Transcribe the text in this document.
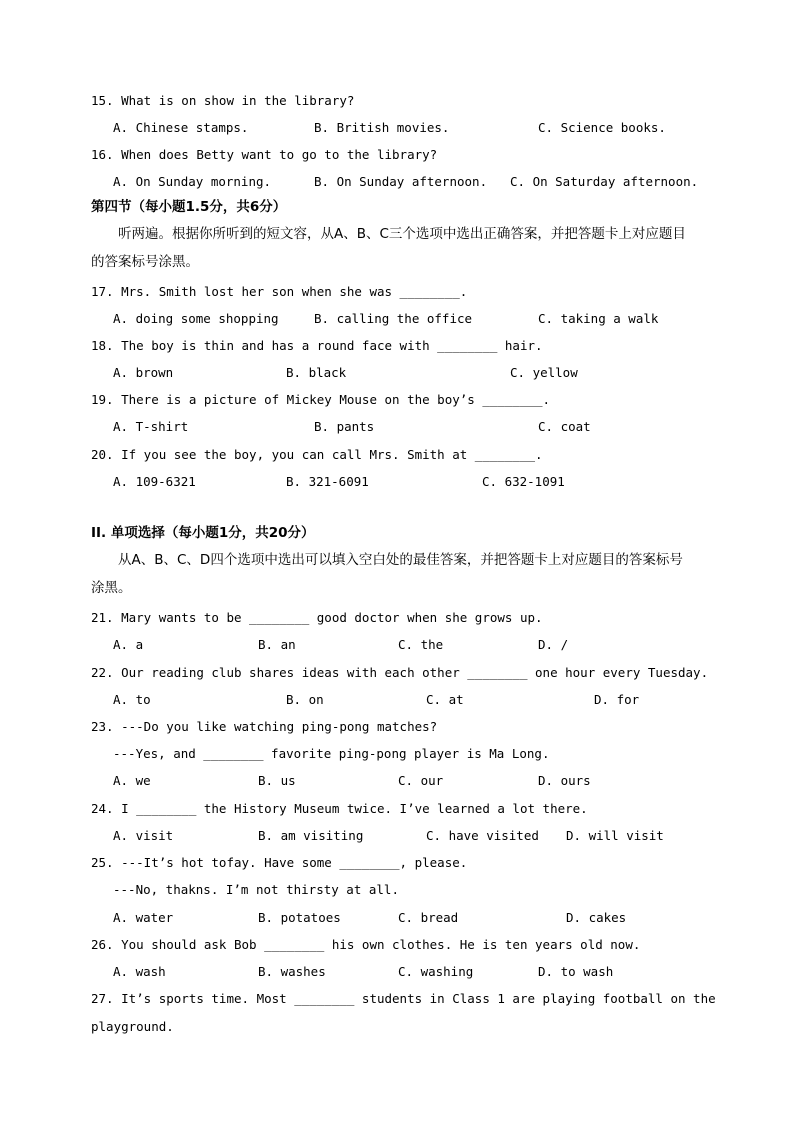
15. What is on show in the library?
A. Chinese stamps.	B. British movies.	C. Science books.
16. When does Betty want to go to the library?
A. On Sunday morning.	B. On Sunday afternoon. C. On Saturday afternoon.
第四节（每小题1.5分，共6分）
听两遍。根据你所听到的短文容，从A、B、C三个选项中选出正确答案，并把答题卡上对应题目
的答案标号涂黑。
17. Mrs. Smith lost her son when she was ________.
A. doing some shopping	B. calling the office	C. taking a walk
18. The boy is thin and has a round face with ________ hair.
A. brown	B. black	C. yellow
19. There is a picture of Mickey Mouse on the boy’s ________.
A. T-shirt	B. pants	C. coat
20. If you see the boy, you can call Mrs. Smith at ________.
A. 109-6321	B. 321-6091	C. 632-1091
II. 单项选择（每小题1分，共20分）
从A、B、C、D四个选项中选出可以填入空白处的最佳答案，并把答题卡上对应题目的答案标号
涂黑。
21. Mary wants to be ________ good doctor when she grows up.
A. a	B. an	C. the	D. /
22. Our reading club shares ideas with each other ________ one hour every Tuesday.
A. to	B. on	C. at	D. for
23. ---Do you like watching ping-pong matches?
---Yes, and ________ favorite ping-pong player is Ma Long.
A. we	B. us	C. our	D. ours
24. I ________ the History Museum twice. I’ve learned a lot there.
A. visit	B. am visiting	C. have visited D. will visit
25. ---It’s hot tofay. Have some ________, please.
---No, thakns. I’m not thirsty at all.
A. water	B. potatoes	C. bread	D. cakes
26. You should ask Bob ________ his own clothes. He is ten years old now.
A. wash	B. washes	C. washing	D. to wash
27. It’s sports time. Most ________ students in Class 1 are playing football on the
playground.
